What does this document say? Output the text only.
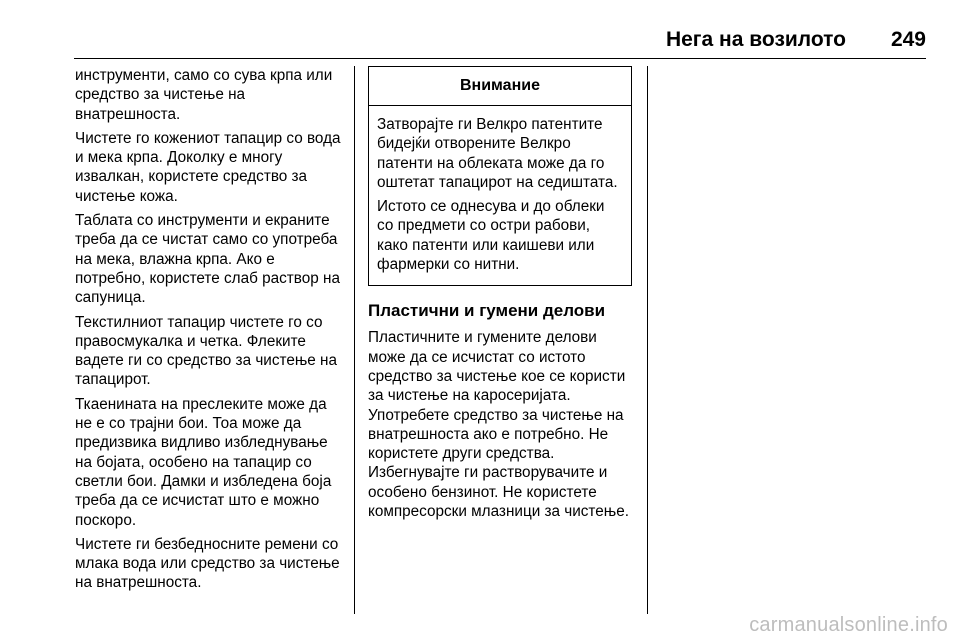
Нега на возилото 249

инструменти, само со сува крпа или средство за чистење на внатрешноста.

Чистете го кожениот тапацир со вода и мека крпа. Доколку е многу извалкан, користете средство за чистење кожа.

Таблата со инструменти и екраните треба да се чистат само со употреба на мека, влажна крпа. Ако е потребно, користете слаб раствор на сапуница.

Текстилниот тапацир чистете го со правосмукалка и четка. Флеките вадете ги со средство за чистење на тапацирот.

Ткаенината на преслеките може да не е со трајни бои. Тоа може да предизвика видливо избледнување на бојата, особено на тапацир со светли бои. Дамки и избледена боја треба да се исчистат што е можно поскоро.

Чистете ги безбедносните ремени со млака вода или средство за чистење на внатрешноста.

Внимание

Затворајте ги Велкро патентите бидејќи отворените Велкро патенти на облеката може да го оштетат тапацирот на седиштата.

Истото се однесува и до облеки со предмети со остри рабови, како патенти или каишеви или фармерки со нитни.

Пластични и гумени делови

Пластичните и гумените делови може да се исчистат со истото средство за чистење кое се користи за чистење на каросеријата. Употребете средство за чистење на внатрешноста ако е потребно. Не користете други средства. Избегнувајте ги растворувачите и особено бензинот. Не користете компресорски млазници за чистење.

carmanualsonline.info
